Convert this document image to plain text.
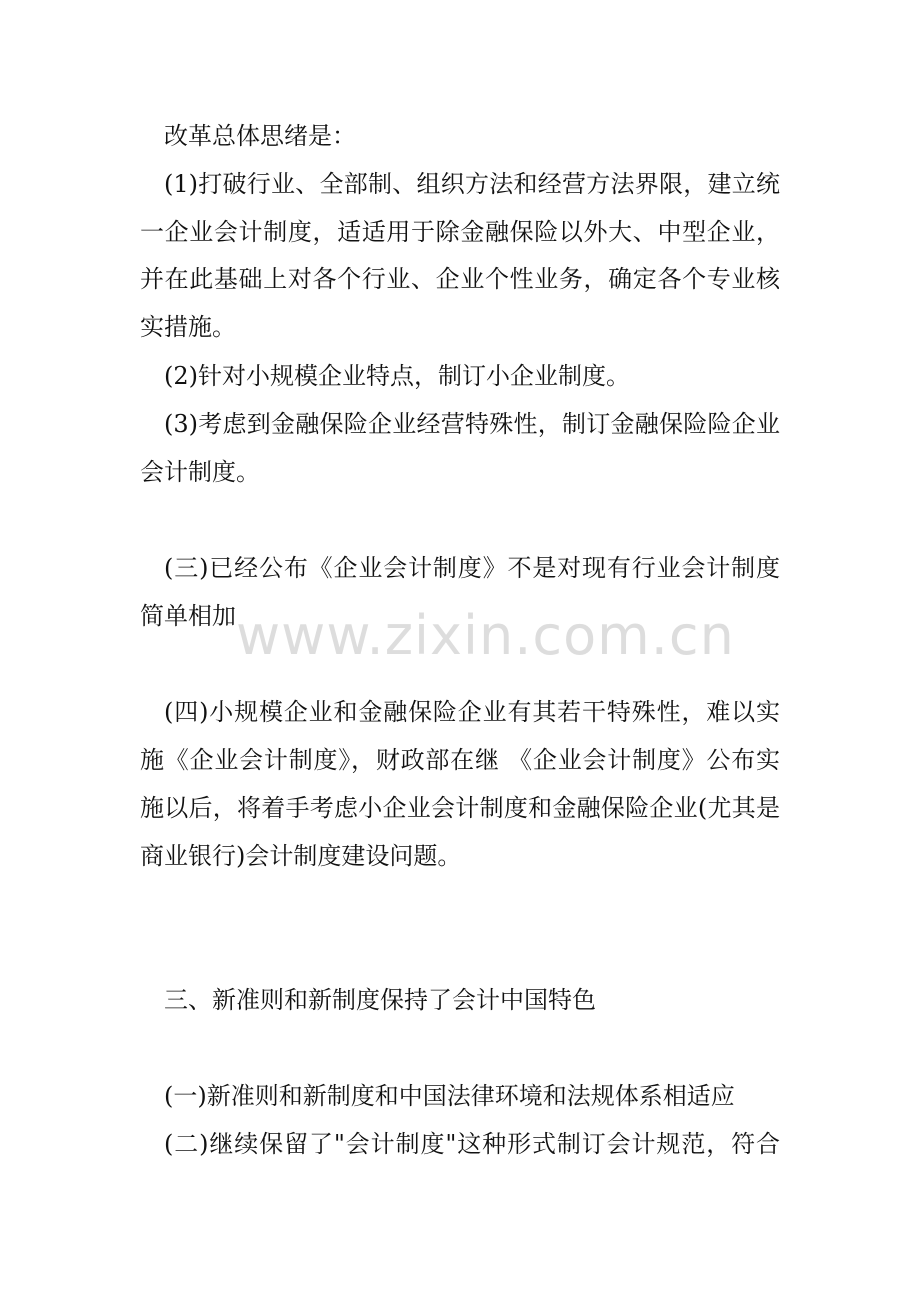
改革总体思绪是：
(1)打破行业、全部制、组织方法和经营方法界限，建立统
一企业会计制度，适适用于除金融保险以外大、中型企业，
并在此基础上对各个行业、企业个性业务，确定各个专业核
实措施。
(2)针对小规模企业特点，制订小企业制度。
(3)考虑到金融保险企业经营特殊性，制订金融保险险企业
会计制度。
(三)已经公布《企业会计制度》不是对现有行业会计制度
简单相加 www.zixin.com.cn
(四)小规模企业和金融保险企业有其若干特殊性，难以实
施《企业会计制度》，财政部在继 《企业会计制度》公布实
施以后，将着手考虑小企业会计制度和金融保险企业(尤其是
商业银行)会计制度建设问题。
三、新准则和新制度保持了会计中国特色
(一)新准则和新制度和中国法律环境和法规体系相适应
(二)继续保留了"会计制度"这种形式制订会计规范，符合
